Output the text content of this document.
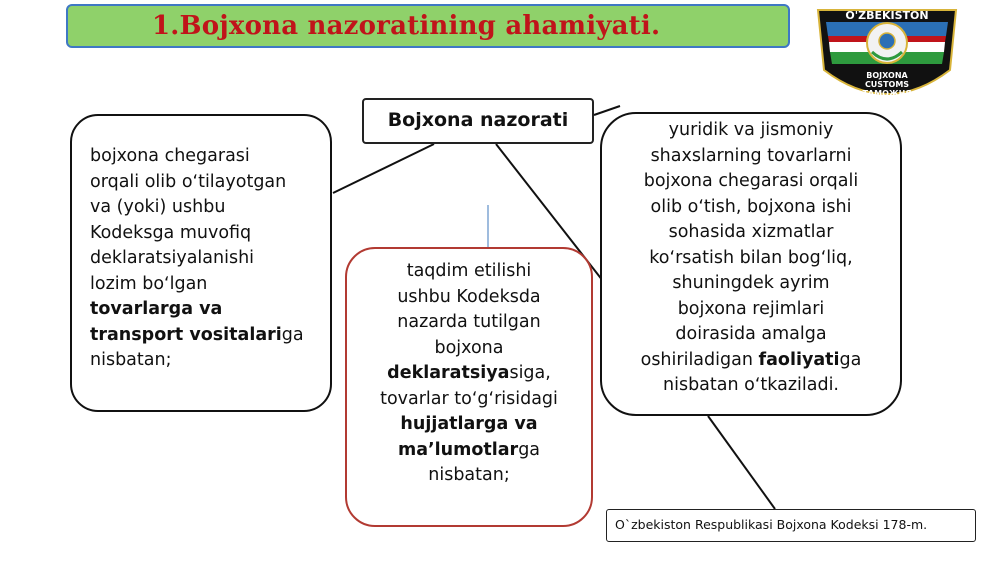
1.Bojxona nazoratining ahamiyati.	O'ZBEKISTON
BOJXONA
CUSTOMS
ТАМОЖНЯ
Bojxona nazorati
bojxona chegarasi
orqali olib oʻtilayotgan
va (yoki) ushbu
Kodeksga muvofiq
deklaratsiyalanishi
lozim boʻlgan
tovarlarga va
transport vositalariga
nisbatan;
taqdim etilishi
ushbu Kodeksda
nazarda tutilgan
bojxona
deklaratsiyasiga,
tovarlar toʻgʻrisidagi
hujjatlarga va
maʼlumotlarga
nisbatan;
yuridik va jismoniy
shaxslarning tovarlarni
bojxona chegarasi orqali
olib oʻtish, bojxona ishi
sohasida xizmatlar
koʻrsatish bilan bogʻliq,
shuningdek ayrim
bojxona rejimlari
doirasida amalga
oshiriladigan faoliyatiga
nisbatan oʻtkaziladi.
O`zbekiston Respublikasi Bojxona Kodeksi 178-m.
